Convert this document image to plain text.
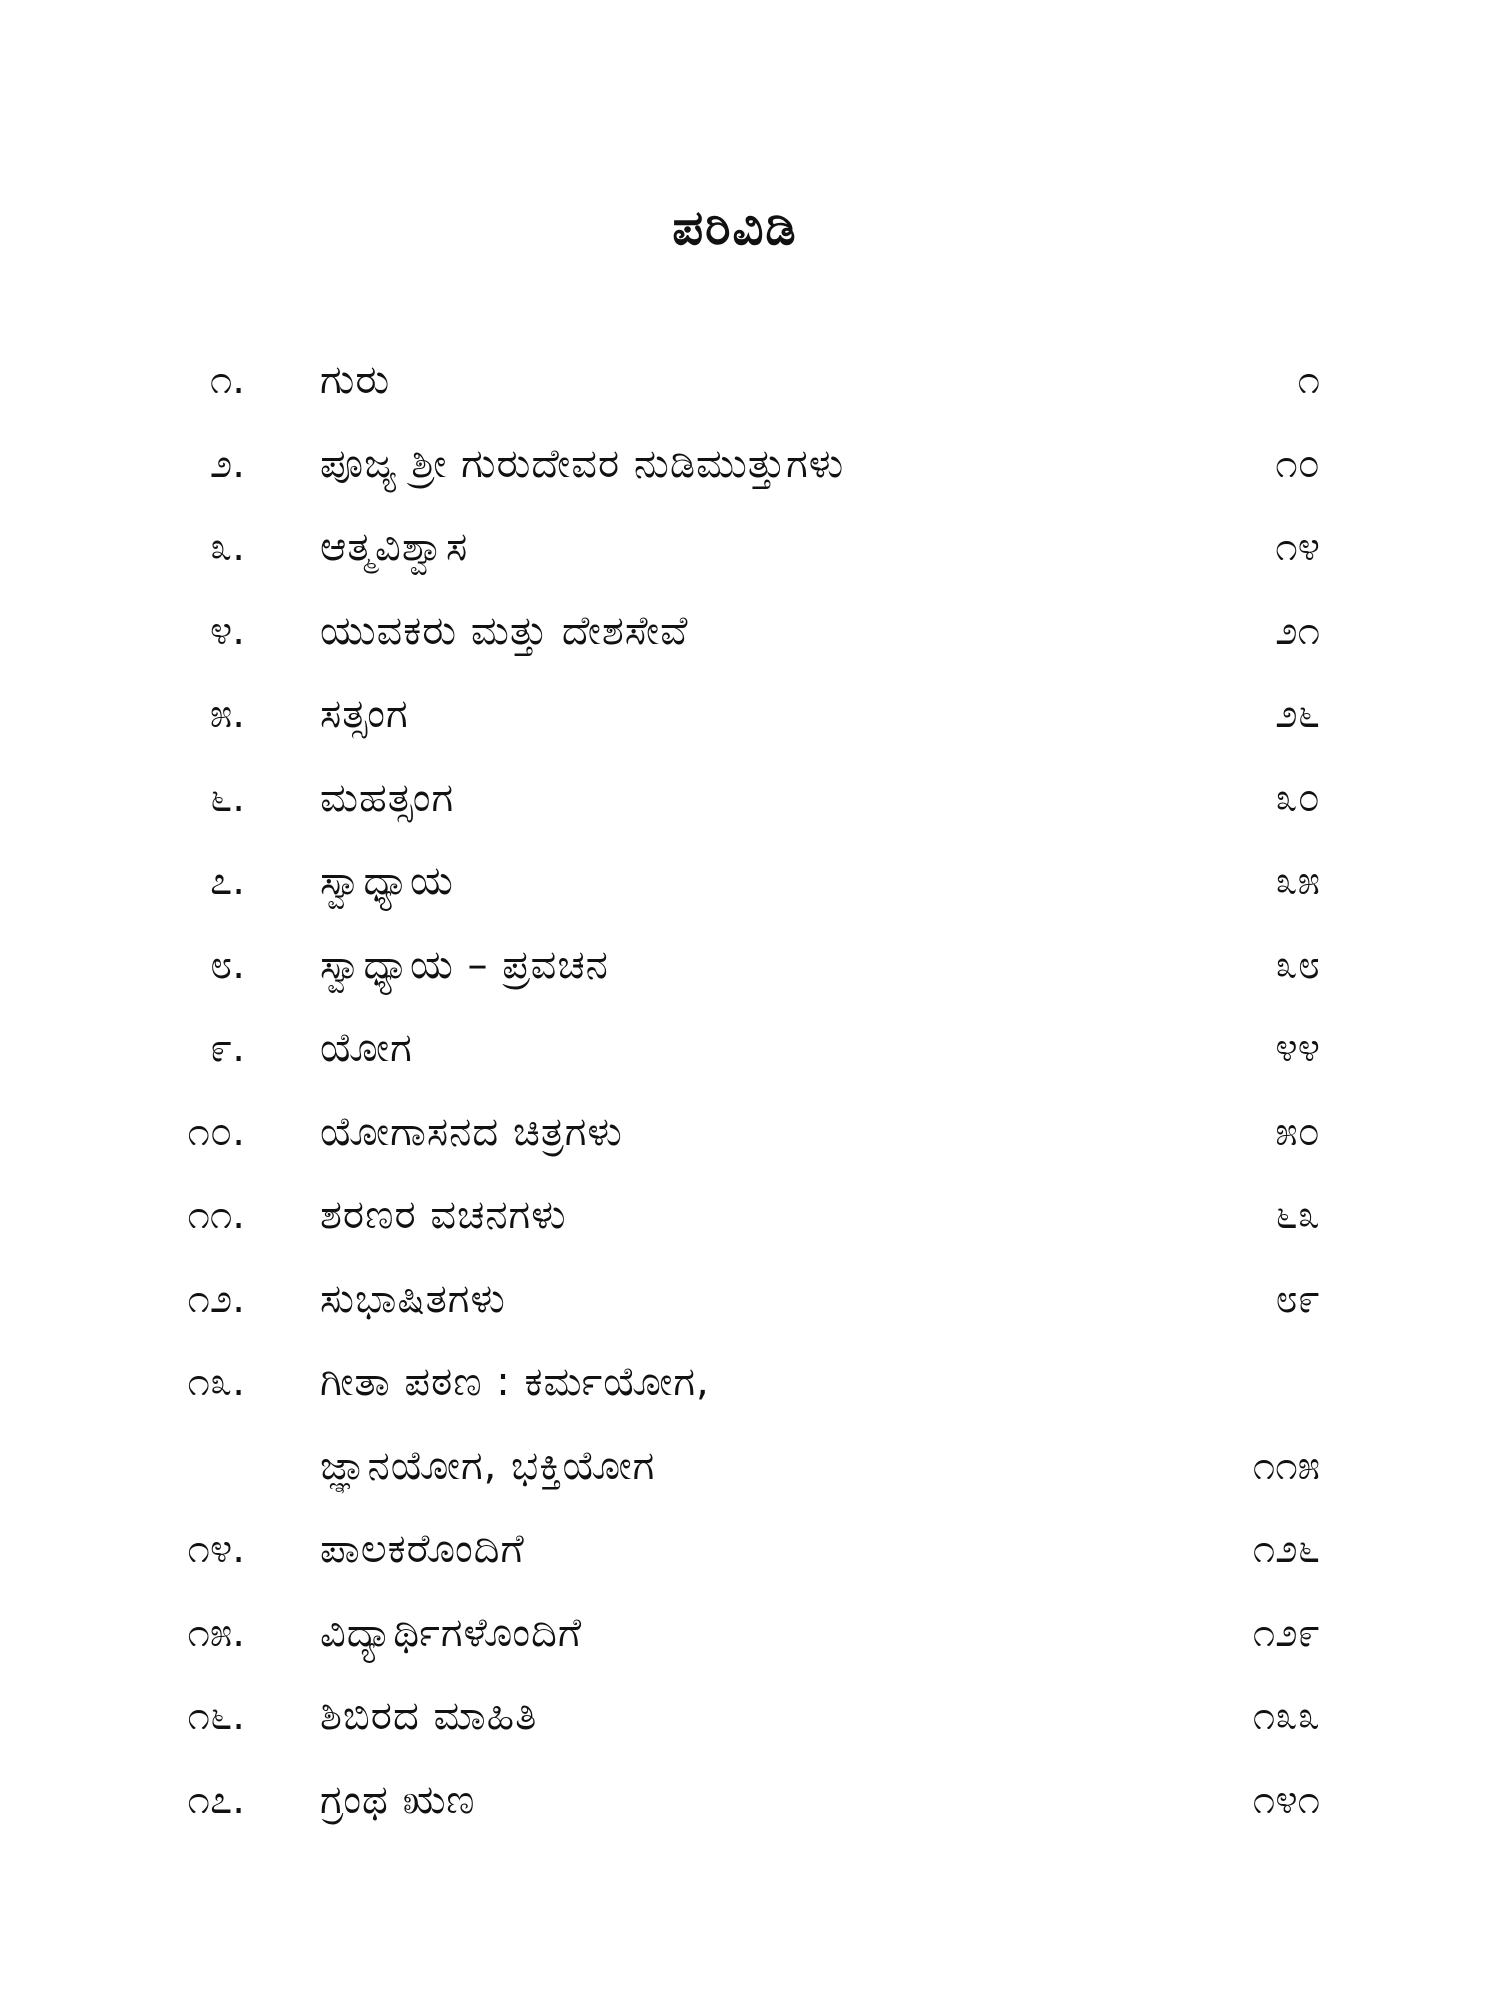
ಪರಿವಿಡಿ
೧. ಗುರು	೧
೨. ಪೂಜ್ಯ ಶ್ರೀ ಗುರುದೇವರ ನುಡಿಮುತ್ತುಗಳು	೧೦
೩. ಆತ್ಮವಿಶ್ವಾಸ	೧೪
೪. ಯುವಕರು ಮತ್ತು ದೇಶಸೇವೆ	೨೧
೫. ಸತ್ಸಂಗ	೨೬
೬. ಮಹತ್ಸಂಗ	೩೦
೭. ಸ್ವಾಧ್ಯಾಯ	೩೫
೮. ಸ್ವಾಧ್ಯಾಯ – ಪ್ರವಚನ	೩೮
೯. ಯೋಗ	೪೪
೧೦. ಯೋಗಾಸನದ ಚಿತ್ರಗಳು	೫೦
೧೧. ಶರಣರ ವಚನಗಳು	೬೩
೧೨. ಸುಭಾಷಿತಗಳು	೮೯
೧೩. ಗೀತಾ ಪಠಣ : ಕರ್ಮಯೋಗ,
ಜ್ಞಾನಯೋಗ, ಭಕ್ತಿಯೋಗ	೧೧೫
೧೪. ಪಾಲಕರೊಂದಿಗೆ	೧೨೬
೧೫. ವಿದ್ಯಾರ್ಥಿಗಳೊಂದಿಗೆ	೧೨೯
೧೬. ಶಿಬಿರದ ಮಾಹಿತಿ	೧೩೩
೧೭. ಗ್ರಂಥ ಋಣ	೧೪೧
